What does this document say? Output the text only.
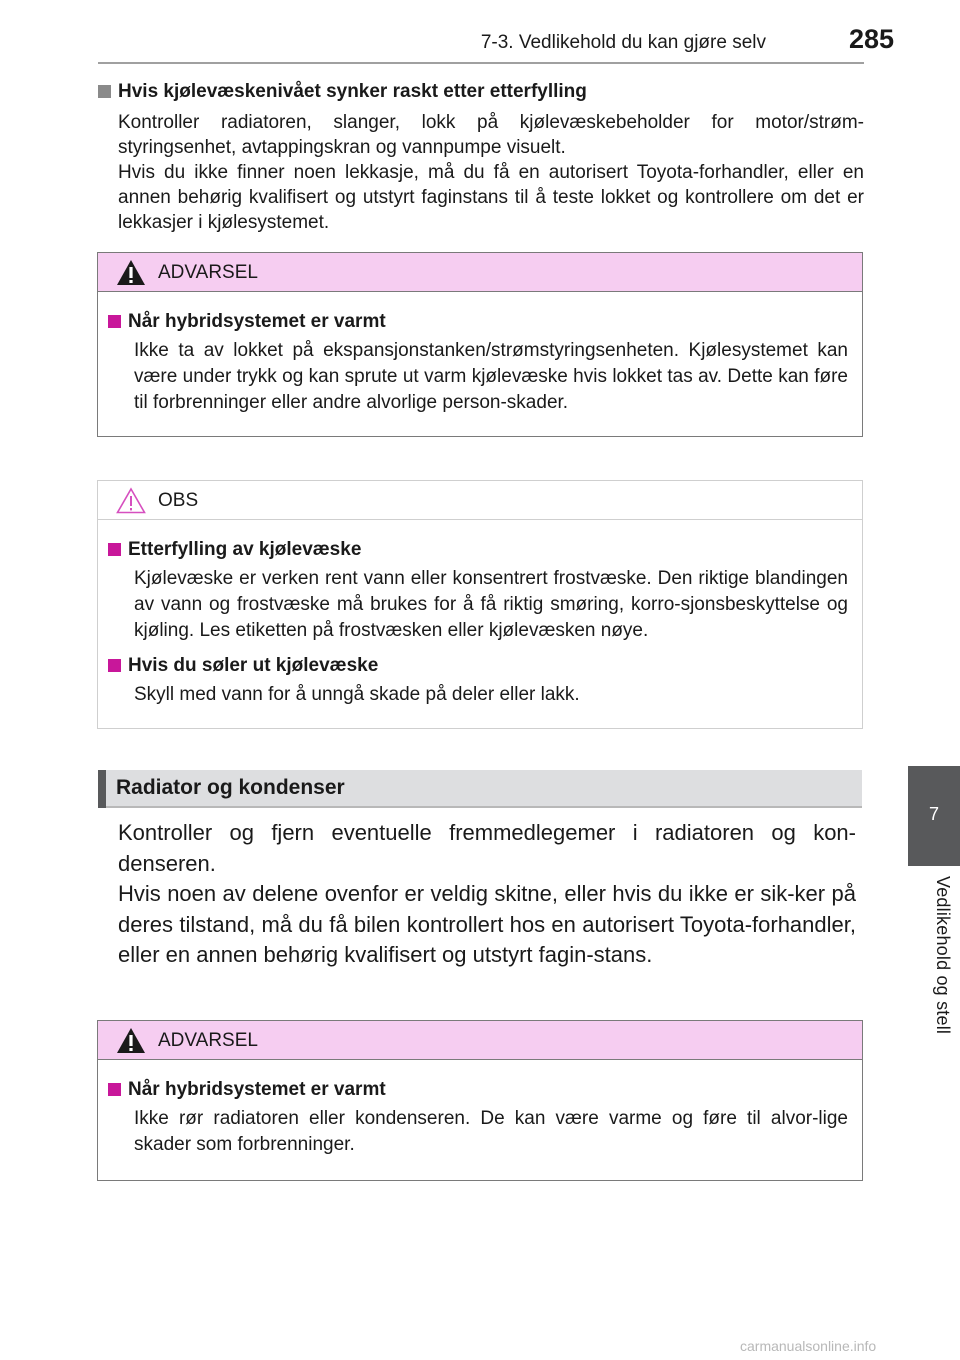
7-3. Vedlikehold du kan gjøre selv	285
7
Vedlikehold og stell
Hvis kjølevæskenivået synker raskt etter etterfylling

Kontroller radiatoren, slanger, lokk på kjølevæskebeholder for motor/strøm-styringsenhet, avtappingskran og vannpumpe visuelt.

Hvis du ikke finner noen lekkasje, må du få en autorisert Toyota-forhandler, eller en annen behørig kvalifisert og utstyrt faginstans til å teste lokket og kontrollere om det er lekkasjer i kjølesystemet.

ADVARSEL
Når hybridsystemet er varmt

Ikke ta av lokket på ekspansjonstanken/strømstyringsenheten. Kjølesystemet kan være under trykk og kan sprute ut varm kjølevæske hvis lokket tas av. Dette kan føre til forbrenninger eller andre alvorlige person-skader.

OBS
Etterfylling av kjølevæske

Kjølevæske er verken rent vann eller konsentrert frostvæske. Den riktige blandingen av vann og frostvæske må brukes for å få riktig smøring, korro-sjonsbeskyttelse og kjøling. Les etiketten på frostvæsken eller kjølevæsken nøye.

Hvis du søler ut kjølevæske

Skyll med vann for å unngå skade på deler eller lakk.

Radiator og kondenser

Kontroller og fjern eventuelle fremmedlegemer i radiatoren og kon-denseren.

Hvis noen av delene ovenfor er veldig skitne, eller hvis du ikke er sik-ker på deres tilstand, må du få bilen kontrollert hos en autorisert Toyota-forhandler, eller en annen behørig kvalifisert og utstyrt fagin-stans.

ADVARSEL
Når hybridsystemet er varmt

Ikke rør radiatoren eller kondenseren. De kan være varme og føre til alvor-lige skader som forbrenninger.

carmanualsonline.info
